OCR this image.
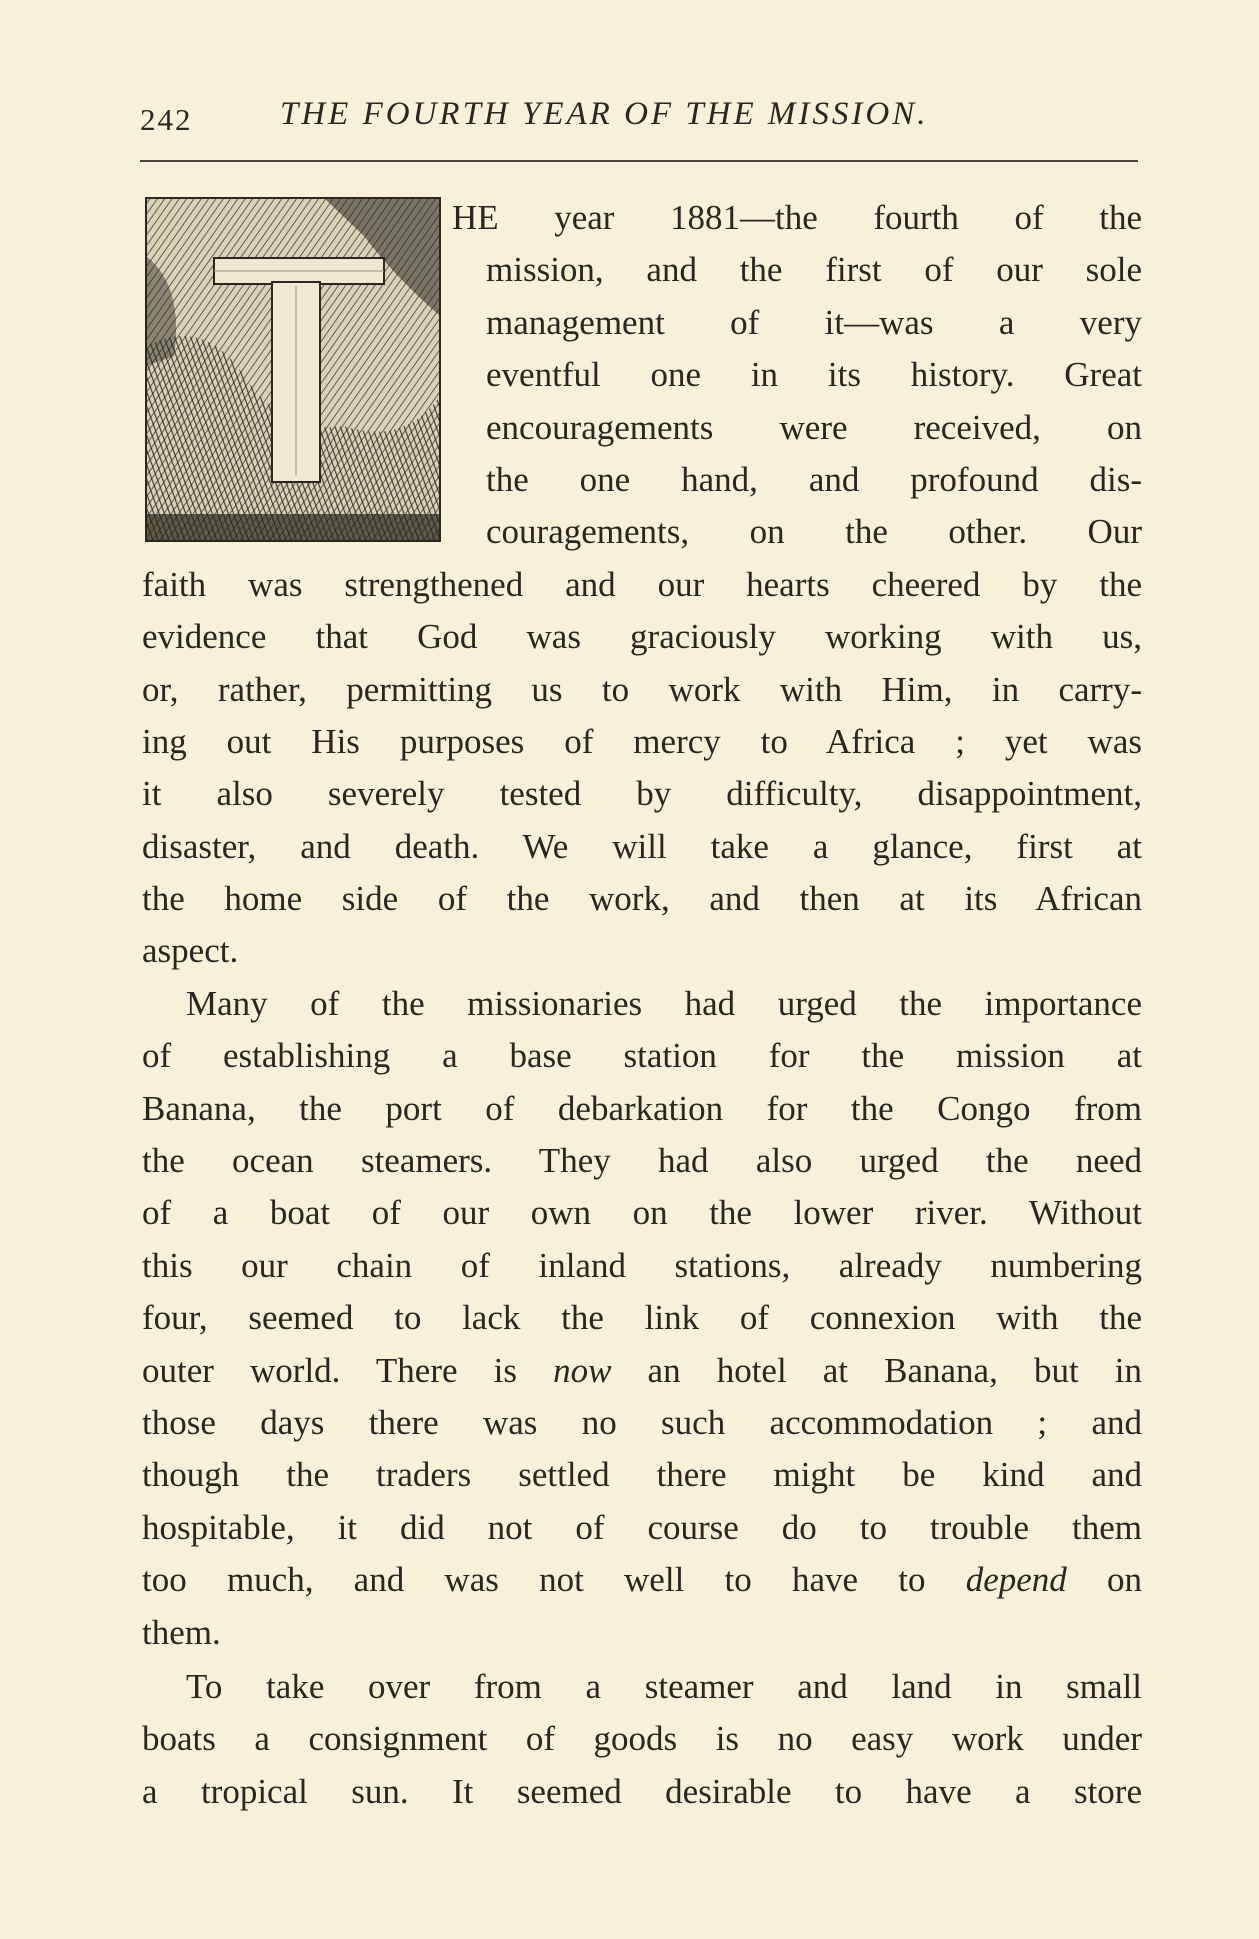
242	THE FOURTH YEAR OF THE MISSION.
HE year 1881—the fourth of the
mission, and the first of our sole
management of it—was a very
eventful one in its history. Great
encouragements were received, on
the one hand, and profound dis-
couragements, on the other. Our
faith was strengthened and our hearts cheered by the
evidence that God was graciously working with us,
or, rather, permitting us to work with Him, in carry-
ing out His purposes of mercy to Africa ; yet was
it also severely tested by difficulty, disappointment,
disaster, and death. We will take a glance, first at
the home side of the work, and then at its African
aspect.
Many of the missionaries had urged the importance
of establishing a base station for the mission at
Banana, the port of debarkation for the Congo from
the ocean steamers. They had also urged the need
of a boat of our own on the lower river. Without
this our chain of inland stations, already numbering
four, seemed to lack the link of connexion with the
outer world. There is now an hotel at Banana, but in
those days there was no such accommodation ; and
though the traders settled there might be kind and
hospitable, it did not of course do to trouble them
too much, and was not well to have to depend on
them.
To take over from a steamer and land in small
boats a consignment of goods is no easy work under
a tropical sun. It seemed desirable to have a store
